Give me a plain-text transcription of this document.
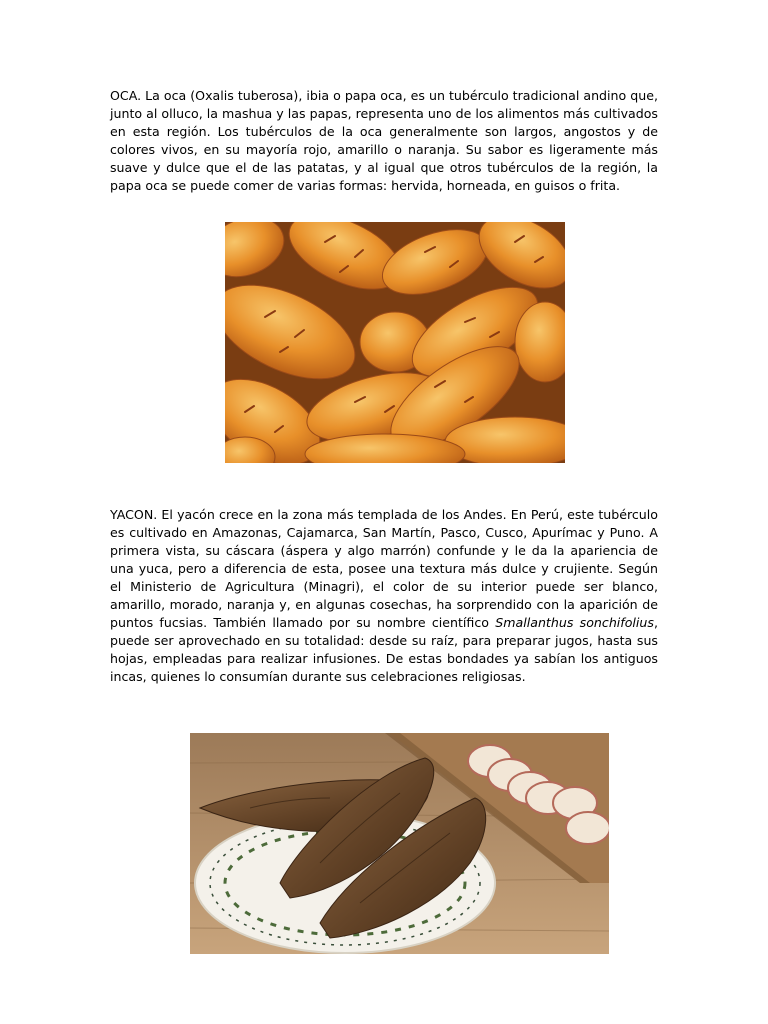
OCA. La oca (Oxalis tuberosa), ibia o papa oca, es un tubérculo tradicional andino que, junto al olluco, la mashua y las papas, representa uno de los alimentos más cultivados en esta región. Los tubérculos de la oca generalmente son largos, angostos y de colores vivos, en su mayoría rojo, amarillo o naranja. Su sabor es ligeramente más suave y dulce que el de las patatas, y al igual que otros tubérculos de la región, la papa oca se puede comer de varias formas: hervida, horneada, en guisos o frita.

YACON. El yacón crece en la zona más templada de los Andes. En Perú, este tubérculo es cultivado en Amazonas, Cajamarca, San Martín, Pasco, Cusco, Apurímac y Puno. A primera vista, su cáscara (áspera y algo marrón) confunde y le da la apariencia de una yuca, pero a diferencia de esta, posee una textura más dulce y crujiente. Según el Ministerio de Agricultura (Minagri), el color de su interior puede ser blanco, amarillo, morado, naranja y, en algunas cosechas, ha sorprendido con la aparición de puntos fucsias. También llamado por su nombre científico Smallanthus sonchifolius, puede ser aprovechado en su totalidad: desde su raíz, para preparar jugos, hasta sus hojas, empleadas para realizar infusiones. De estas bondades ya sabían los antiguos incas, quienes lo consumían durante sus celebraciones religiosas.
